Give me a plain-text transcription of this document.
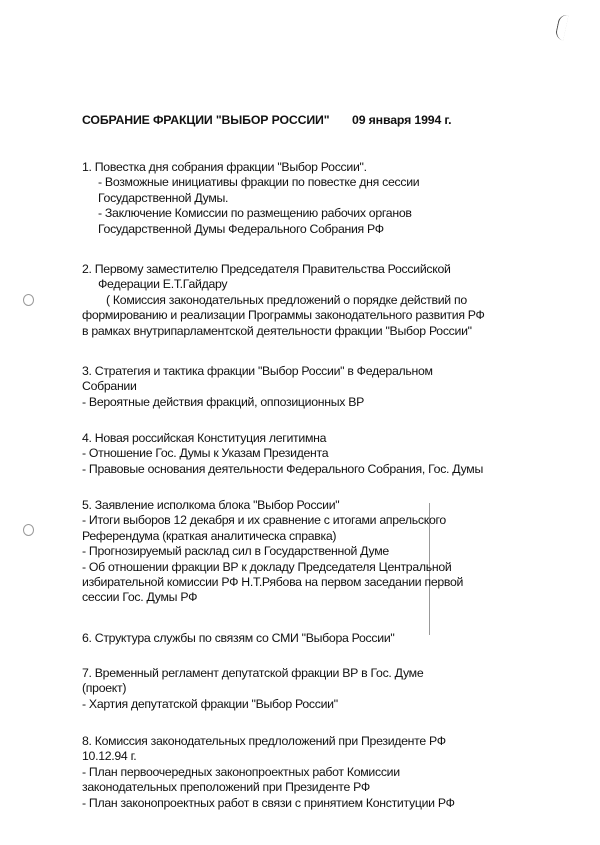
СОБРАНИЕ ФРАКЦИИ "ВЫБОР РОССИИ" 09 января 1994 г.
1. Повестка дня собрания фракции "Выбор России".
- Возможные инициативы фракции по повестке дня сессии
Государственной Думы.
- Заключение Комиссии по размещению рабочих органов
Государственной Думы Федерального Собрания РФ
2. Первому заместителю Председателя Правительства Российской
Федерации Е.Т.Гайдару
( Комиссия законодательных предложений о порядке действий по
формированию и реализации Программы законодательного развития РФ
в рамках внутрипарламентской деятельности фракции "Выбор России"
3. Стратегия и тактика фракции "Выбор России" в Федеральном
Собрании
- Вероятные действия фракций, оппозиционных ВР
4. Новая российская Конституция легитимна
- Отношение Гос. Думы к Указам Президента
- Правовые основания деятельности Федерального Собрания, Гос. Думы
5. Заявление исполкома блока "Выбор России"
- Итоги выборов 12 декабря и их сравнение с итогами апрельского
Референдума (краткая аналитическа справка)
- Прогнозируемый расклад сил в Государственной Думе
- Об отношении фракции ВР к докладу Председателя Центральной
избирательной комиссии РФ Н.Т.Рябова на первом заседании первой
сессии Гос. Думы РФ
6. Структура службы по связям со СМИ "Выбора России"
7. Временный регламент депутатской фракции ВР в Гос. Думе
(проект)
- Хартия депутатской фракции "Выбор России"
8. Комиссия законодательных предлоложений при Президенте РФ
10.12.94 г.
- План первоочередных законопроектных работ Комиссии
законодательных преположений при Президенте РФ
- План законопроектных работ в связи с принятием Конституции РФ
